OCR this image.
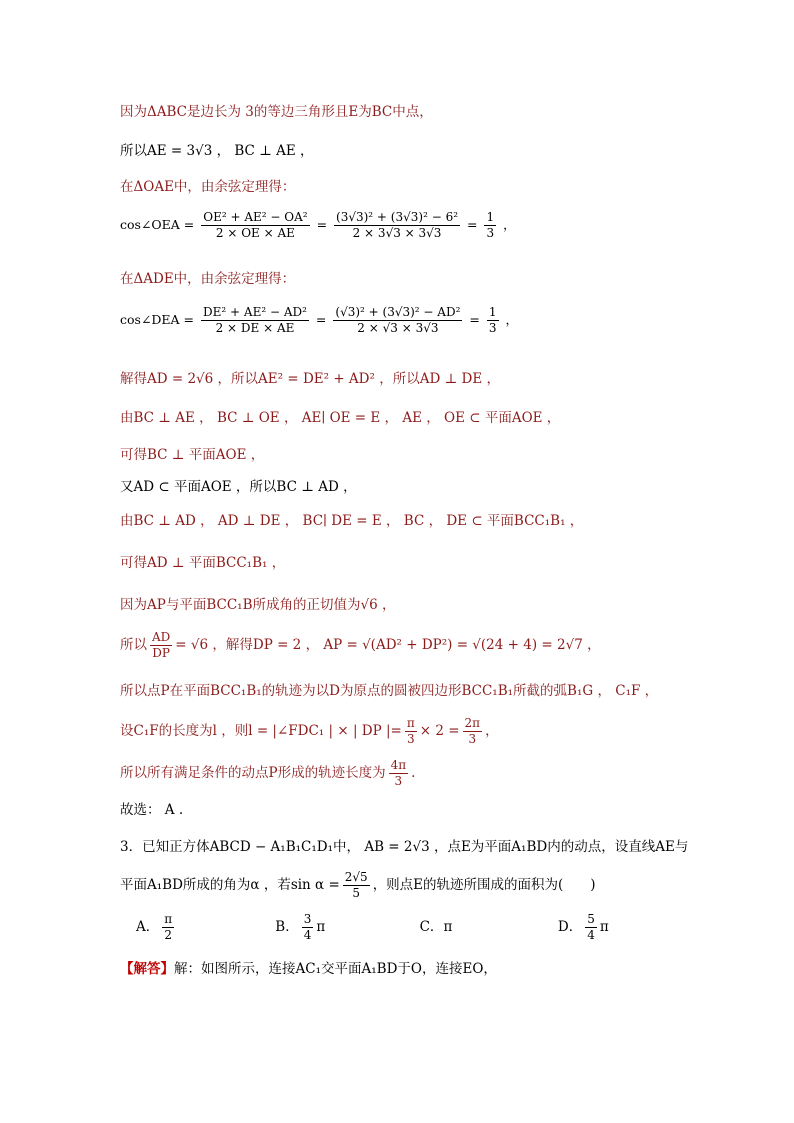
因为ΔABC是边长为 3的等边三角形且E为BC中点，
所以AE = 3√3 ， BC ⊥ AE ，
在ΔOAE中，由余弦定理得：
cos∠OEA = $\frac{\text{OE² + AE² − OA²}}{2 \times OE \times AE} = \frac{\text{(3√3)² + (3√3)² − 6²}}{2 \times 3√3 \times 3√3} = \frac{1}{3}$ ，
在ΔADE中，由余弦定理得：
cos∠DEA = $\frac{\text{DE² + AE² − AD²}}{2 \times DE \times AE} = \frac{\text{(√3)² + (3√3)² − AD²}}{2 \times √3 \times 3√3} = \frac{1}{3}$ ，
解得AD = 2√6 ，所以AE² = DE² + AD² ，所以AD ⊥ DE ，
由BC ⊥ AE ， BC ⊥ OE ， AE∣ OE = E ， AE ， OE ⊂ 平面AOE ，
可得BC ⊥ 平面AOE ，
又AD ⊂ 平面AOE ，所以BC ⊥ AD ，
由BC ⊥ AD ， AD ⊥ DE ， BC∣ DE = E ， BC ， DE ⊂ 平面BCC₁B₁ ，
可得AD ⊥ 平面BCC₁B₁ ，
因为AP与平面BCC₁B所成角的正切值为√6 ，
所以 $\frac{AD}{DP} = √6$ ，解得DP = 2 ， AP = √(AD² + DP²) = √(24 + 4) = 2√7 ，
所以点P在平面BCC₁B₁的轨迹为以D为原点的圆被四边形BCC₁B₁所截的弧B₁G ， C₁F ，
设C₁F的长度为l ，则l = |∠FDC₁ | × | DP |= $\frac{\pi}{3} \times 2 = \frac{2\pi}{3}$ ，
所以所有满足条件的动点P形成的轨迹长度为 $\frac{4\pi}{3}$ .
故选： A .
3．已知正方体ABCD − A₁B₁C₁D₁中， AB = 2√3 ，点E为平面A₁BD内的动点，设直线AE与
平面A₁BD所成的角为α ，若$\sin \alpha = \frac{2√5}{5}$ ，则点E的轨迹所围成的面积为(　　)
A． $\frac{\pi}{2}$	B． $\frac{3}{4}$ π	C．π	D． $\frac{5}{4}$ π
【解答】解：如图所示，连接AC₁交平面A₁BD于O，连接EO，
